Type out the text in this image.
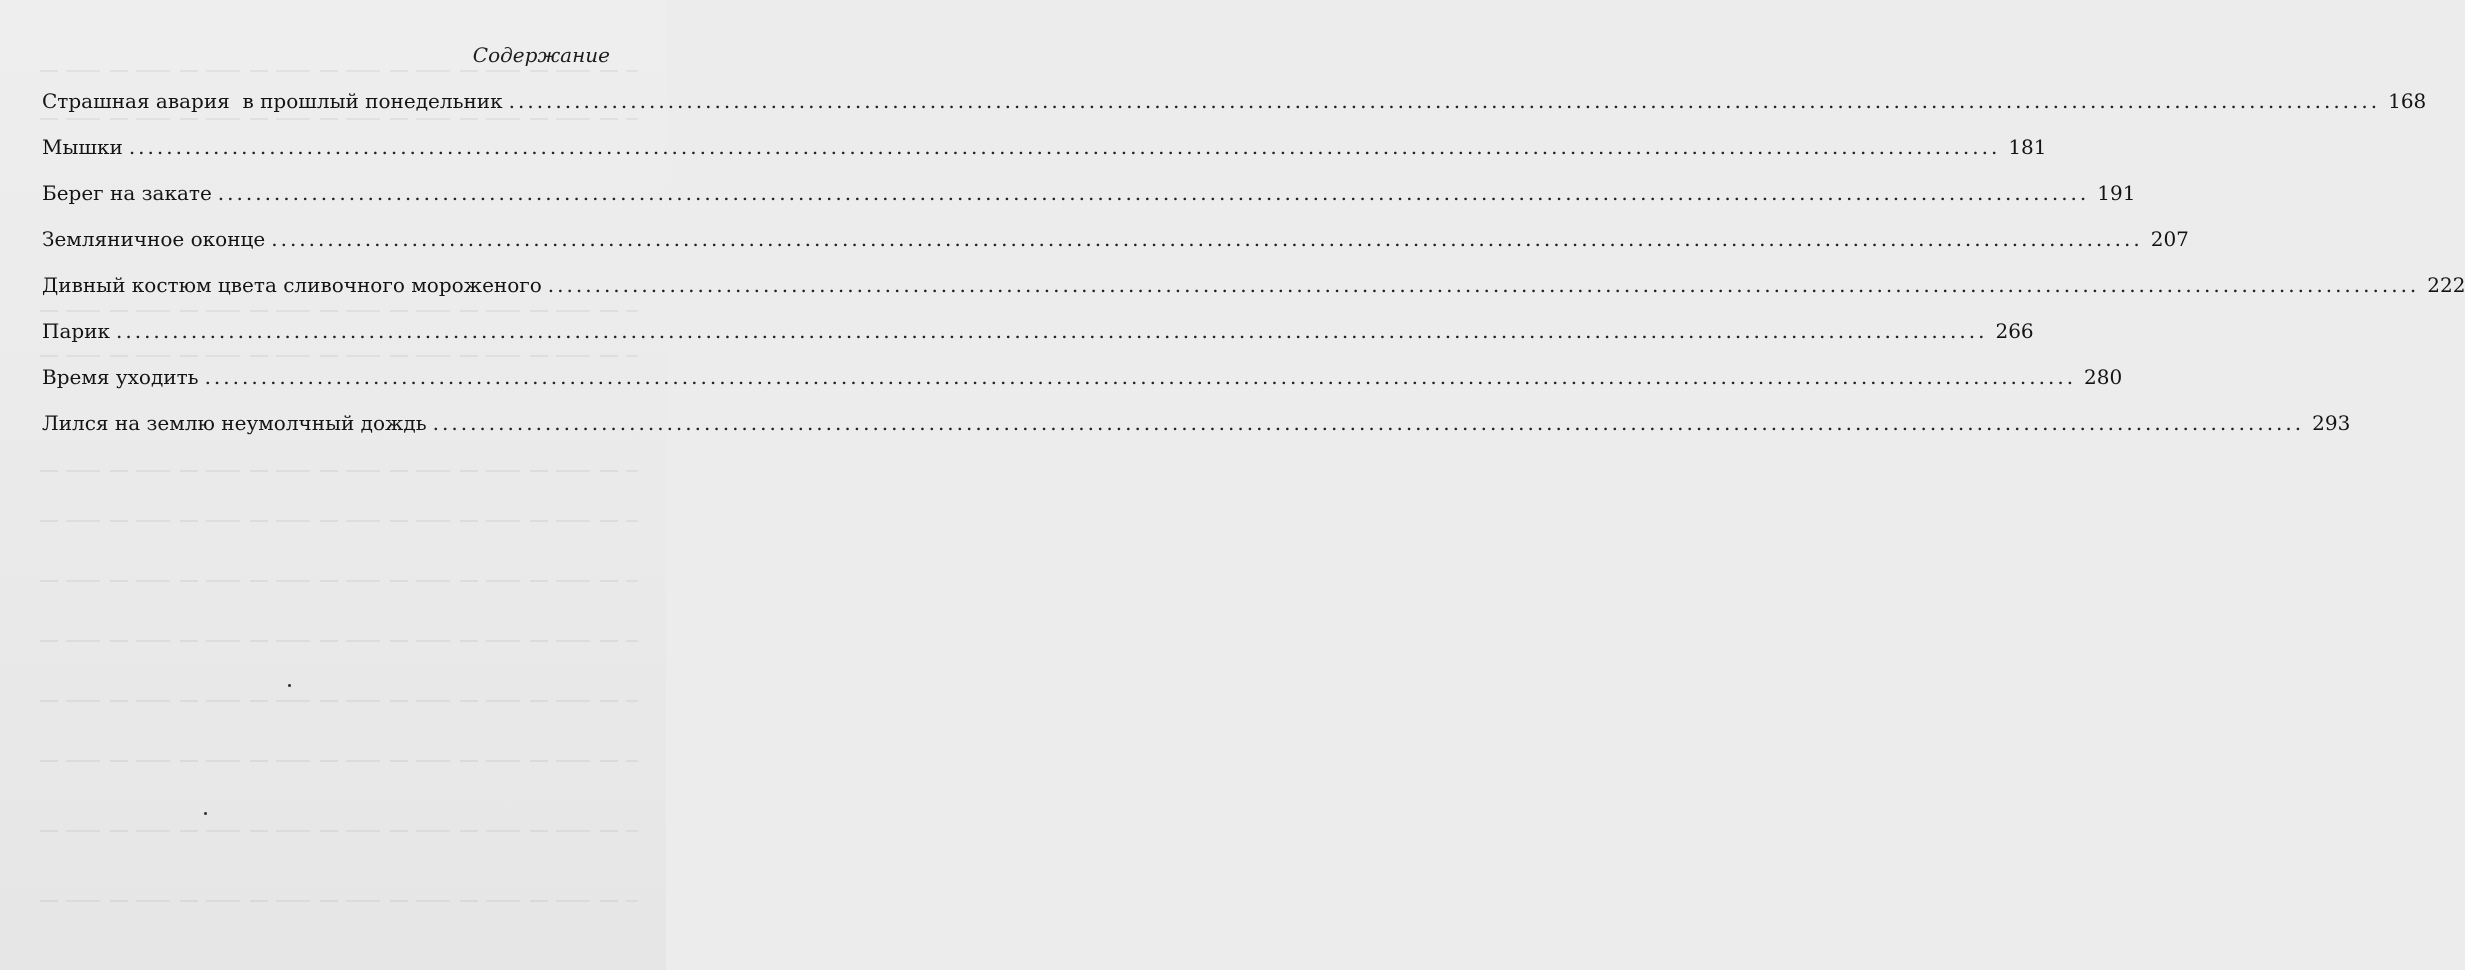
Содержание
Страшная авария  в прошлый понедельник ........................................................................................................................................................................................................ 168
Мышки ........................................................................................................................................................................................................ 181
Берег на закате ........................................................................................................................................................................................................ 191
Земляничное оконце ........................................................................................................................................................................................................ 207
Дивный костюм цвета сливочного мороженого ........................................................................................................................................................................................................ 222
Парик ........................................................................................................................................................................................................ 266
Время уходить ........................................................................................................................................................................................................ 280
Лился на землю неумолчный дождь ........................................................................................................................................................................................................ 293
